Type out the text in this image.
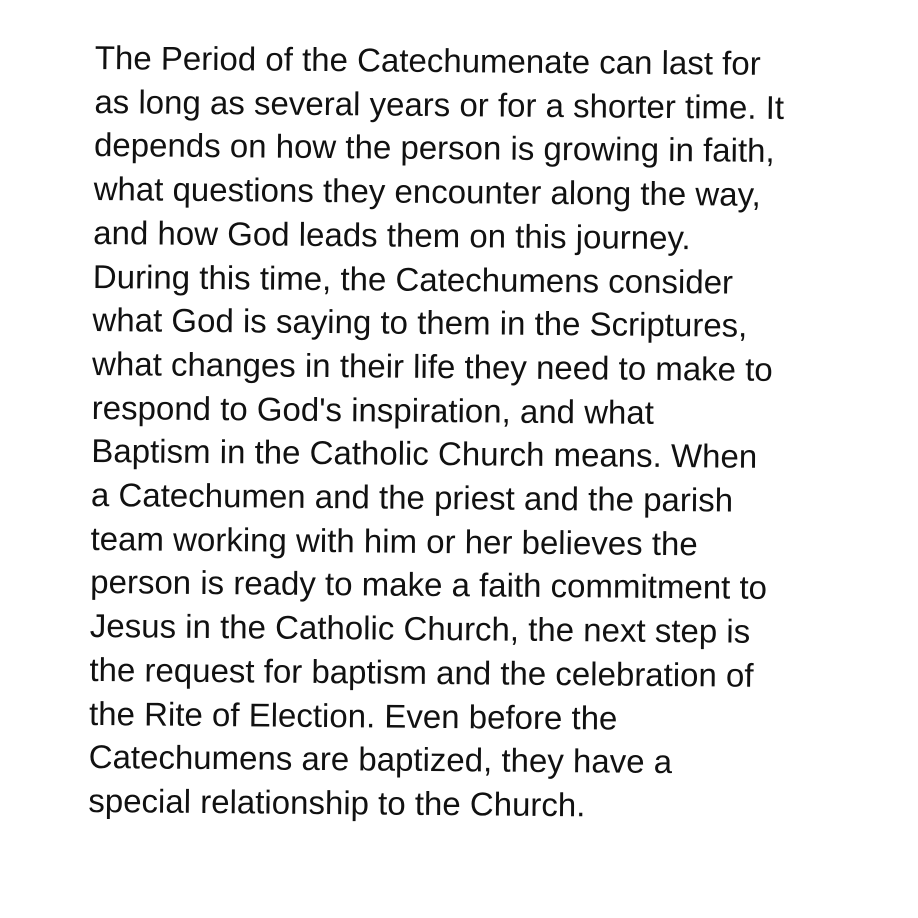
The Period of the Catechumenate can last for
as long as several years or for a shorter time. It
depends on how the person is growing in faith,
what questions they encounter along the way,
and how God leads them on this journey.
During this time, the Catechumens consider
what God is saying to them in the Scriptures,
what changes in their life they need to make to
respond to God's inspiration, and what
Baptism in the Catholic Church means. When
a Catechumen and the priest and the parish
team working with him or her believes the
person is ready to make a faith commitment to
Jesus in the Catholic Church, the next step is
the request for baptism and the celebration of
the Rite of Election. Even before the
Catechumens are baptized, they have a
special relationship to the Church.
